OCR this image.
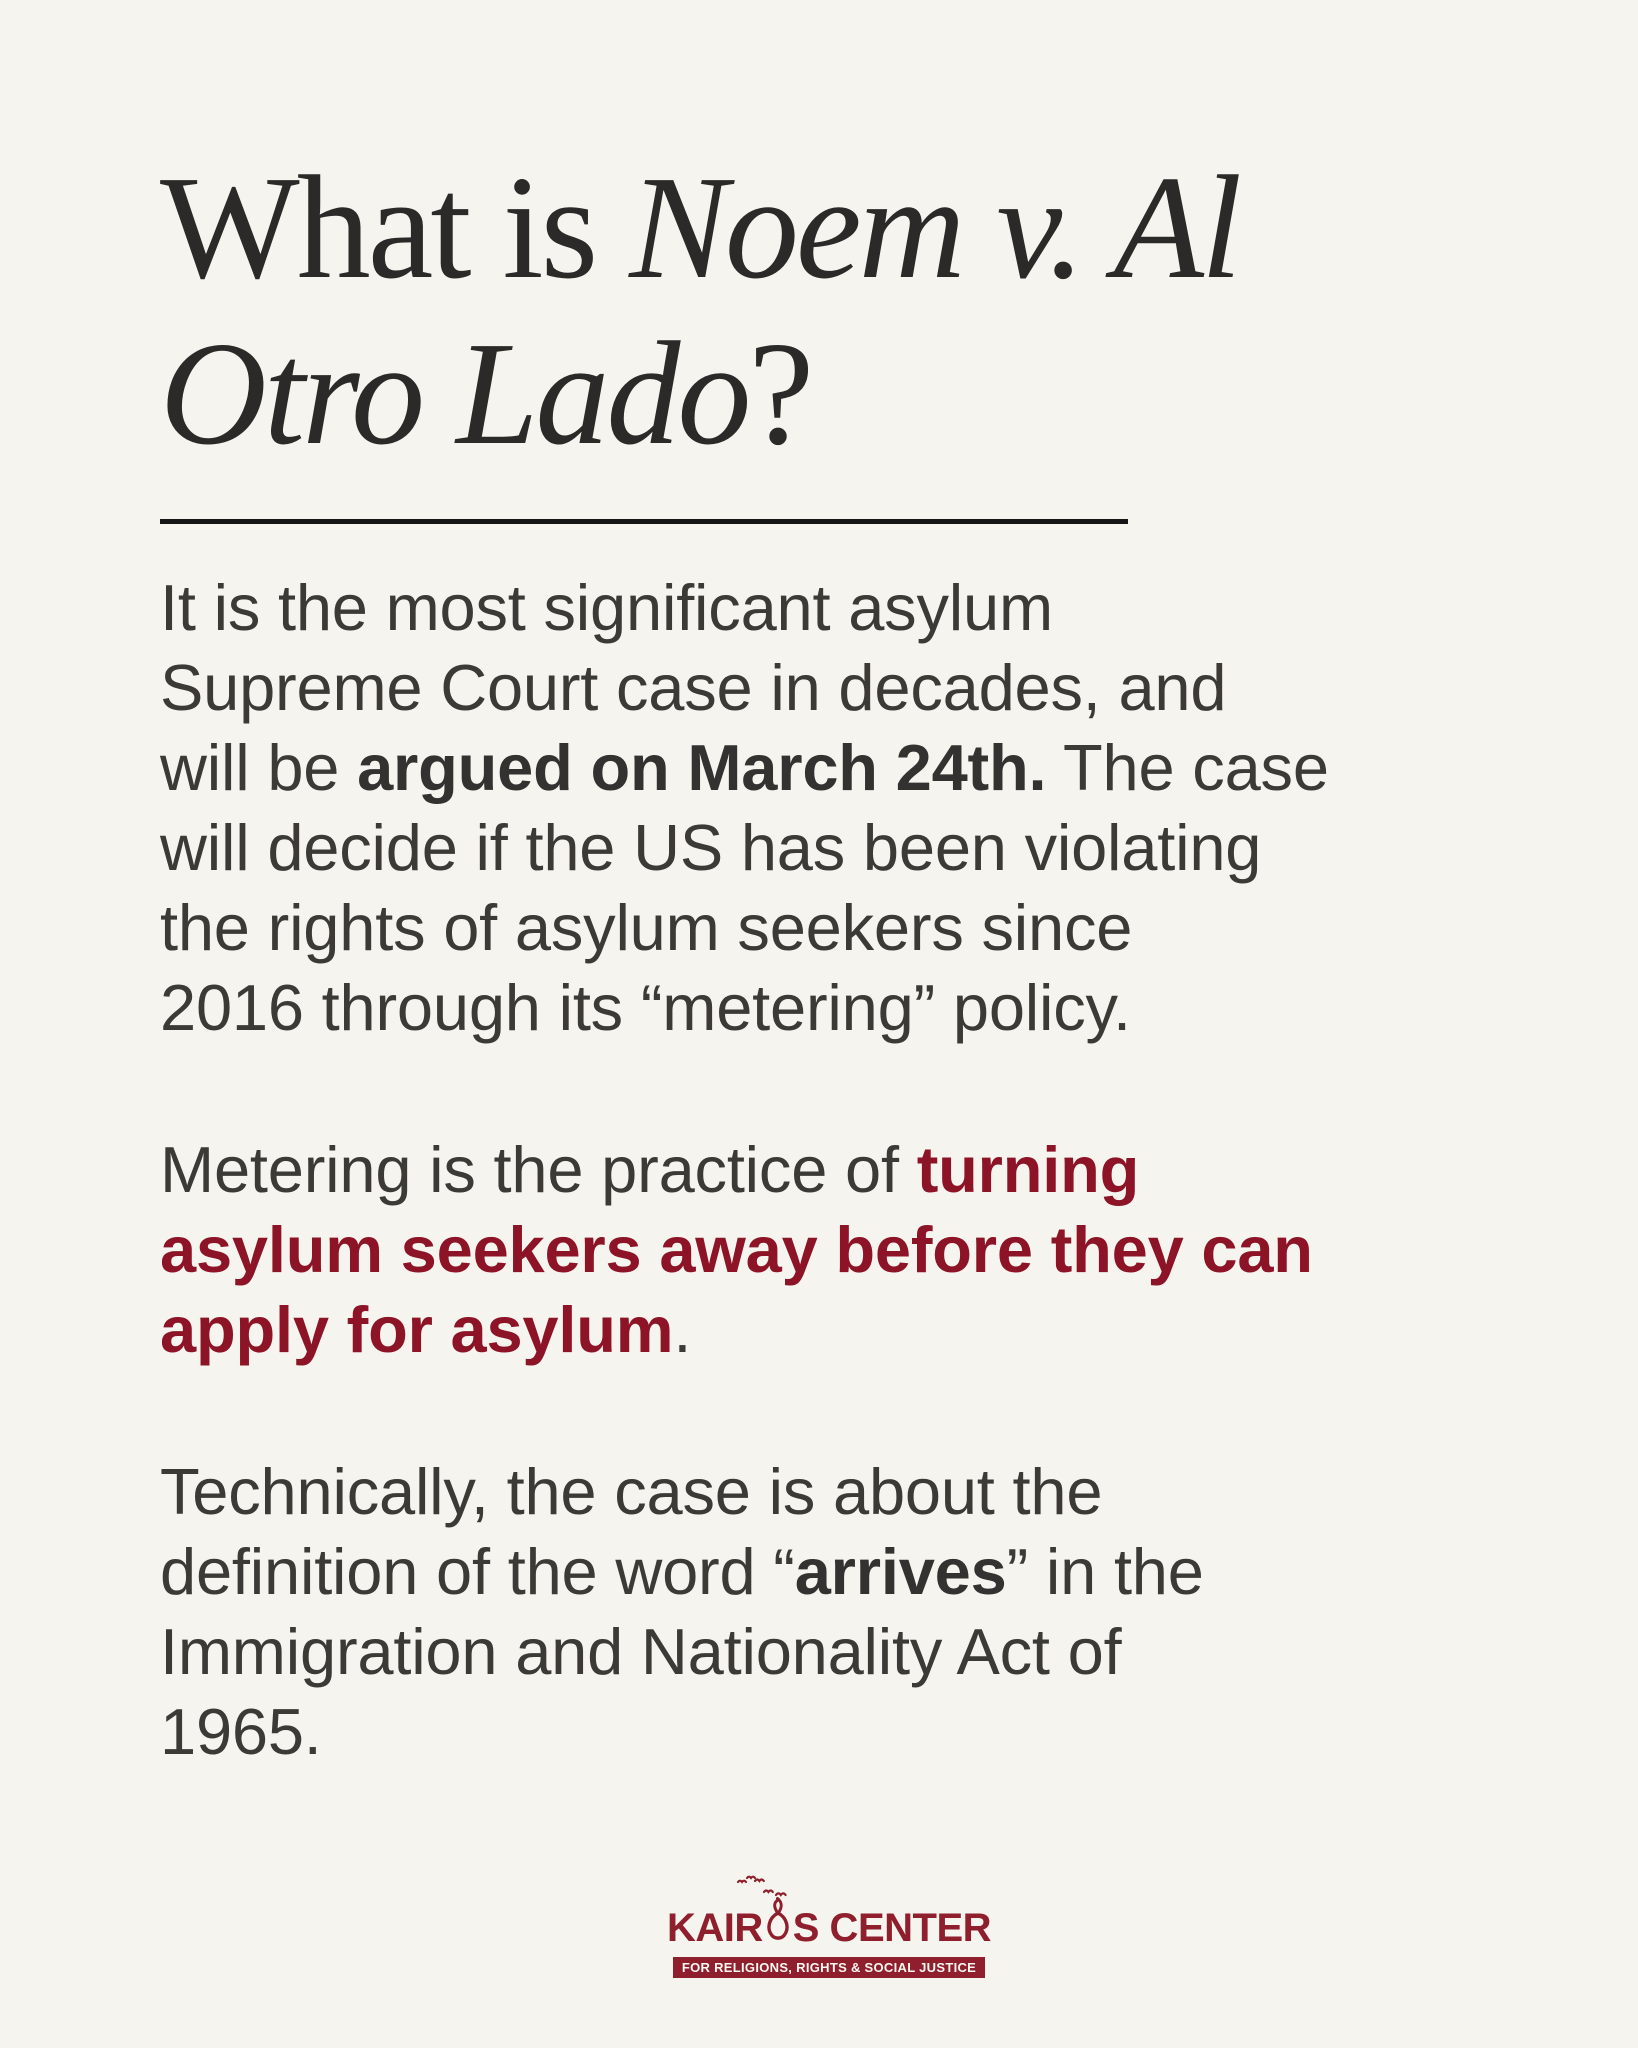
What is Noem v. Al
Otro Lado?

It is the most significant asylum
Supreme Court case in decades, and
will be argued on March 24th. The case
will decide if the US has been violating
the rights of asylum seekers since
2016 through its “metering” policy.

Metering is the practice of turning
asylum seekers away before they can
apply for asylum.

Technically, the case is about the
definition of the word “arrives” in the
Immigration and Nationality Act of
1965.

KAIR S CENTER
FOR RELIGIONS, RIGHTS & SOCIAL JUSTICE
